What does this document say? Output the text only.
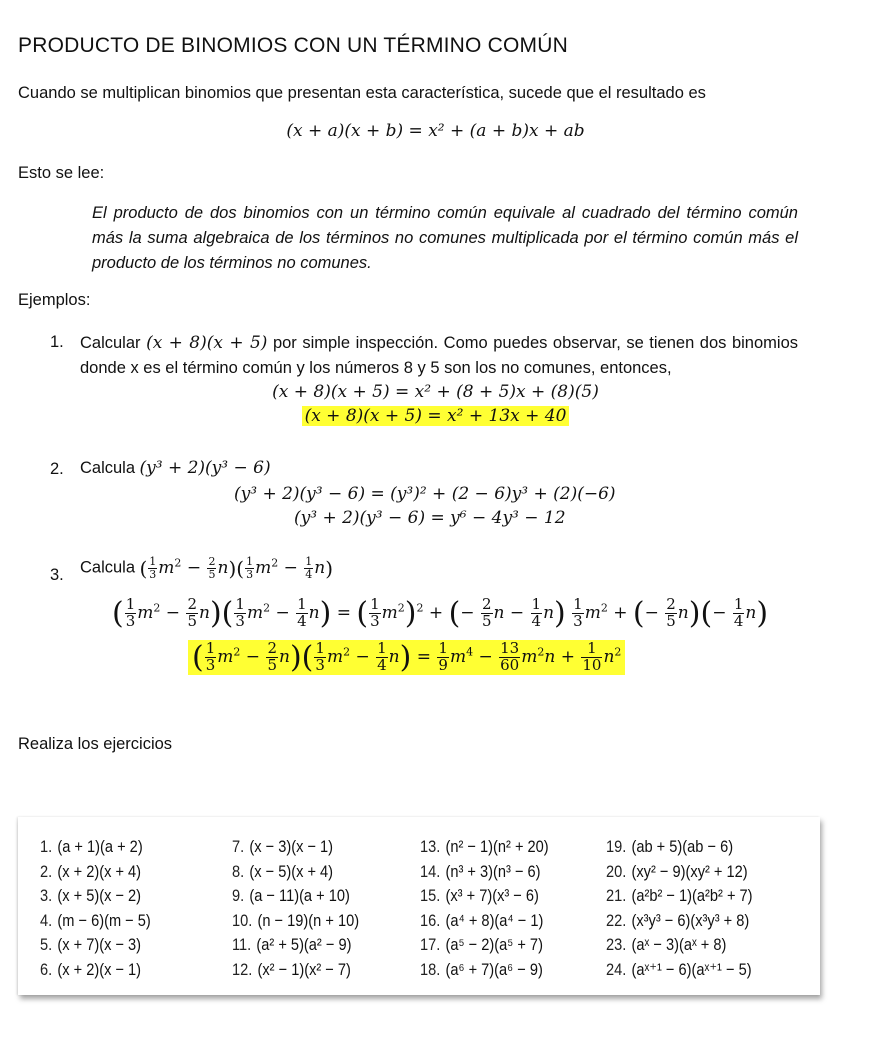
PRODUCTO DE BINOMIOS CON UN TÉRMINO COMÚN
Cuando se multiplican binomios que presentan esta característica, sucede que el resultado es
(x + a)(x + b) = x² + (a + b)x + ab
Esto se lee:
El producto de dos binomios con un término común equivale al cuadrado del término común más la suma algebraica de los términos no comunes multiplicada por el término común más el producto de los términos no comunes.
Ejemplos:
1. Calcular (x + 8)(x + 5) por simple inspección. Como puedes observar, se tienen dos binomios donde x es el término común y los números 8 y 5 son los no comunes, entonces,
(x + 8)(x + 5) = x² + (8 + 5)x + (8)(5)
(x + 8)(x + 5) = x² + 13x + 40
2. Calcula (y³ + 2)(y³ − 6)
(y³ + 2)(y³ − 6) = (y³)² + (2 − 6)y³ + (2)(−6)
(y³ + 2)(y³ − 6) = y⁶ − 4y³ − 12
3. Calcula ( $\frac{1}{3} m^2 - \frac{2}{5} n)( \frac{1}{3} m^2 - \frac{1}{4} n)$
( $\frac{1}{3} m^2 - \frac{2}{5} n)( \frac{1}{3} m^2 - \frac{1}{4} n)$ = ( $\frac{1}{3} m^2)^2$ + (− $\frac{2}{5}$ $n - \frac{1}{4} n) \frac{1}{3} m^2$ + (− $\frac{2}{5} n)(- \frac{1}{4} n)$
( $\frac{1}{3} m^2 - \frac{2}{5} n)( \frac{1}{3} m^2 - \frac{1}{4} n) = \frac{1}{9} m^4 - \frac{13}{60} m^2n + \frac{1}{10} n^2$
Realiza los ejercicios
1. (a + 1)(a + 2)
2. (x + 2)(x + 4)
3. (x + 5)(x − 2)
4. (m − 6)(m − 5)
5. (x + 7)(x − 3)
6. (x + 2)(x − 1)
7. (x − 3)(x − 1)
8. (x − 5)(x + 4)
9. (a − 11)(a + 10)
10. (n − 19)(n + 10)
11. (a² + 5)(a² − 9)
12. (x² − 1)(x² − 7)
13. (n² − 1)(n² + 20)
14. (n³ + 3)(n³ − 6)
15. (x³ + 7)(x³ − 6)
16. (a⁴ + 8)(a⁴ − 1)
17. (a⁵ − 2)(a⁵ + 7)
18. (a⁶ + 7)(a⁶ − 9)
19. (ab + 5)(ab − 6)
20. (xy² − 9)(xy² + 12)
21. (a²b² − 1)(a²b² + 7)
22. (x³y³ − 6)(x³y³ + 8)
23. (aˣ − 3)(aˣ + 8)
24. (aˣ⁺¹ − 6)(aˣ⁺¹ − 5)
